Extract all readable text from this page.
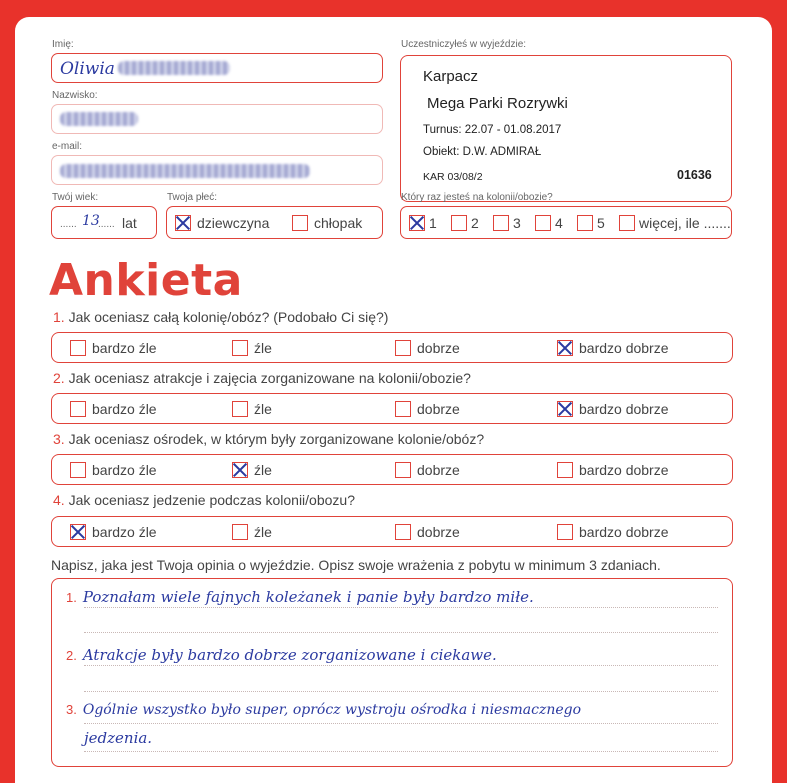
Imię:
Oliwia
Nazwisko:
e-mail:
Twój wiek:
...... 13
...... lat
Twoja płeć:
dziewczyna	chłopak
Uczestniczyłeś w wyjeździe:
Karpacz
Mega Parki Rozrywki
Turnus: 22.07 - 01.08.2017
Obiekt: D.W. ADMIRAŁ
KAR 03/08/2	01636
Który raz jesteś na kolonii/obozie?
1	2	3	4	5	więcej, ile .......
Ankieta
1. Jak oceniasz całą kolonię/obóz? (Podobało Ci się?)
bardzo źle	źle	dobrze	bardzo dobrze
2. Jak oceniasz atrakcje i zajęcia zorganizowane na kolonii/obozie?
bardzo źle	źle	dobrze	bardzo dobrze
3. Jak oceniasz ośrodek, w którym były zorganizowane kolonie/obóz?
bardzo źle	źle	dobrze	bardzo dobrze
4. Jak oceniasz jedzenie podczas kolonii/obozu?
bardzo źle	źle	dobrze	bardzo dobrze
Napisz, jaka jest Twoja opinia o wyjeździe. Opisz swoje wrażenia z pobytu w minimum 3 zdaniach.
1. Poznałam wiele fajnych koleżanek i panie były bardzo miłe.
2. Atrakcje były bardzo dobrze zorganizowane i ciekawe.
3. Ogólnie wszystko było super, oprócz wystroju ośrodka i niesmacznego
jedzenia.
